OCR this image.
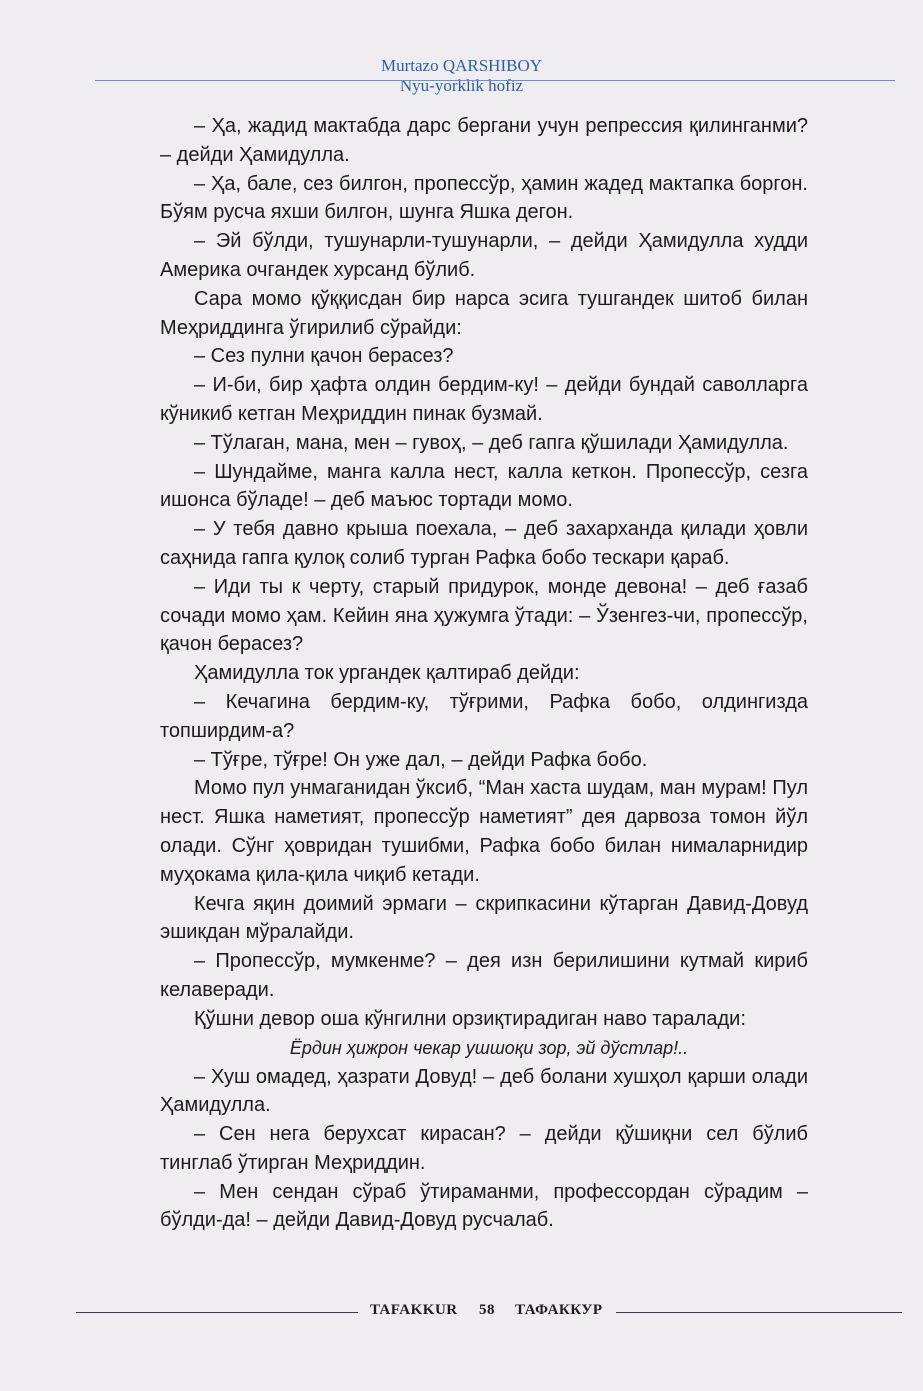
Murtazo QARSHIBOY
Nyu-yorklik hofiz

– Ҳа, жадид мактабда дарс бергани учун репрессия қилинганми? – дейди Ҳамидулла.

– Ҳа, бале, сез билгон, пропессўр, ҳамин жадед мактапка боргон. Бўям русча яхши билгон, шунга Яшка дегон.

– Эй бўлди, тушунарли-тушунарли, – дейди Ҳамидулла худди Америка очгандек хурсанд бўлиб.

Сара момо қўққисдан бир нарса эсига тушгандек шитоб билан Меҳриддинга ўгирилиб сўрайди:

– Сез пулни қачон берасез?

– И-би, бир ҳафта олдин бердим-ку! – дейди бундай саволларга кўникиб кетган Меҳриддин пинак бузмай.

– Тўлаган, мана, мен – гувоҳ, – деб гапга қўшилади Ҳамидулла.

– Шундайме, манга калла нест, калла кеткон. Пропессўр, сезга ишонса бўладе! – деб маъюс тортади момо.

– У тебя давно крыша поехала, – деб захарханда қилади ҳовли саҳнида гапга қулоқ солиб турган Рафка бобо тескари қараб.

– Иди ты к черту, старый придурок, монде девона! – деб ғазаб сочади момо ҳам. Кейин яна ҳужумга ўтади: – Ўзенгез-чи, пропессўр, қачон берасез?

Ҳамидулла ток ургандек қалтираб дейди:

– Кечагина бердим-ку, тўғрими, Рафка бобо, олдингизда топширдим-а?

– Тўғре, тўғре! Он уже дал, – дейди Рафка бобо.

Момо пул унмаганидан ўксиб, “Ман хаста шудам, ман мурам! Пул нест. Яшка наметият, пропессўр наметият” дея дарвоза томон йўл олади. Сўнг ҳовридан тушибми, Рафка бобо билан нималарнидир муҳокама қила-қила чиқиб кетади.

Кечга яқин доимий эрмаги – скрипкасини кўтарган Давид-Довуд эшикдан мўралайди.

– Пропессўр, мумкенме? – дея изн берилишини кутмай кириб келаверади.

Қўшни девор оша кўнгилни орзиқтирадиган наво таралади:

Ёрдин ҳижрон чекар ушшоқи зор, эй дўстлар!..

– Хуш омадед, ҳазрати Довуд! – деб болани хушҳол қарши олади Ҳамидулла.

– Сен нега берухсат кирасан? – дейди қўшиқни сел бўлиб тинглаб ўтирган Меҳриддин.

– Мен сендан сўраб ўтираманми, профессордан сўрадим – бўлди-да! – дейди Давид-Довуд русчалаб.

TAFAKKUR 58 ТАФАККУР
